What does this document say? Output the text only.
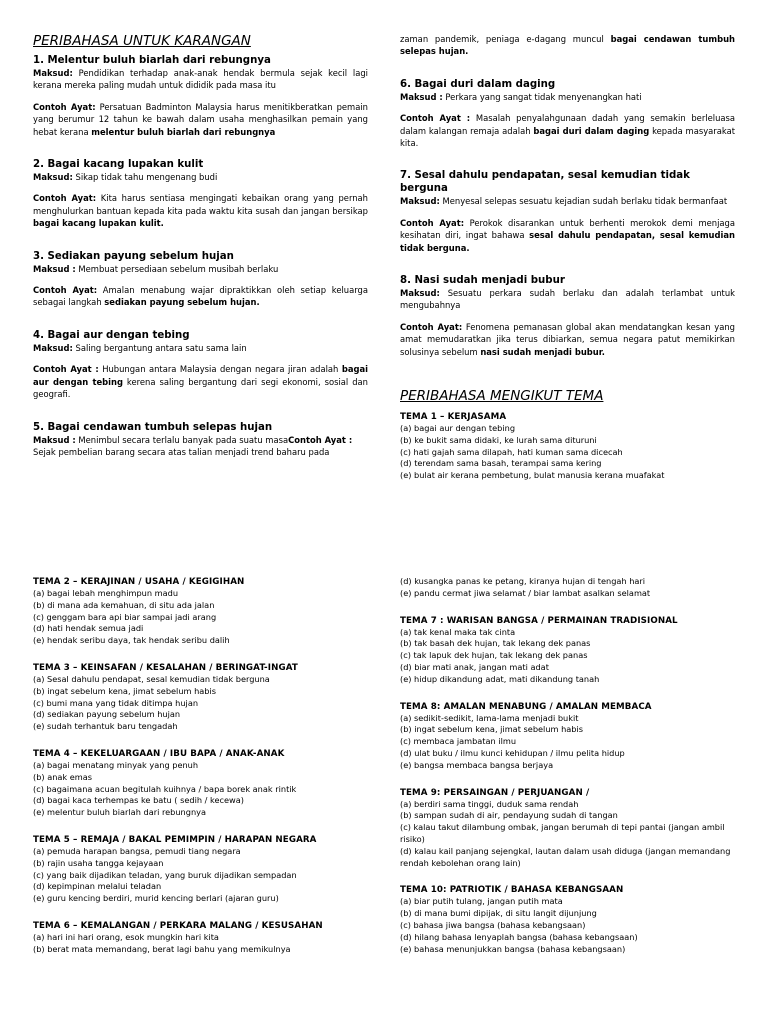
PERIBAHASA UNTUK KARANGAN
1. Melentur buluh biarlah dari rebungnya
Maksud: Pendidikan terhadap anak-anak hendak bermula sejak kecil lagi kerana mereka paling mudah untuk dididik pada masa itu
Contoh Ayat: Persatuan Badminton Malaysia harus menitikberatkan pemain yang berumur 12 tahun ke bawah dalam usaha menghasilkan pemain yang hebat kerana melentur buluh biarlah dari rebungnya
2. Bagai kacang lupakan kulit
Maksud: Sikap tidak tahu mengenang budi
Contoh Ayat: Kita harus sentiasa mengingati kebaikan orang yang pernah menghulurkan bantuan kepada kita pada waktu kita susah dan jangan bersikap bagai kacang lupakan kulit.
3. Sediakan payung sebelum hujan
Maksud : Membuat persediaan sebelum musibah berlaku
Contoh Ayat: Amalan menabung wajar dipraktikkan oleh setiap keluarga sebagai langkah sediakan payung sebelum hujan.
4. Bagai aur dengan tebing
Maksud: Saling bergantung antara satu sama lain
Contoh Ayat : Hubungan antara Malaysia dengan negara jiran adalah bagai aur dengan tebing kerena saling bergantung dari segi ekonomi, sosial dan geografi.
5. Bagai cendawan tumbuh selepas hujan
Maksud : Menimbul secara terlalu banyak pada suatu masaContoh Ayat :
Sejak pembelian barang secara atas talian menjadi trend baharu pada
zaman pandemik, peniaga e-dagang muncul bagai cendawan tumbuh selepas hujan.
6. Bagai duri dalam daging
Maksud : Perkara yang sangat tidak menyenangkan hati
Contoh Ayat : Masalah penyalahgunaan dadah yang semakin berleluasa dalam kalangan remaja adalah bagai duri dalam daging kepada masyarakat kita.
7. Sesal dahulu pendapatan, sesal kemudian tidak berguna
Maksud: Menyesal selepas sesuatu kejadian sudah berlaku tidak bermanfaat
Contoh Ayat: Perokok disarankan untuk berhenti merokok demi menjaga kesihatan diri, ingat bahawa sesal dahulu pendapatan, sesal kemudian tidak berguna.
8. Nasi sudah menjadi bubur
Maksud: Sesuatu perkara sudah berlaku dan adalah terlambat untuk mengubahnya
Contoh Ayat: Fenomena pemanasan global akan mendatangkan kesan yang amat memudaratkan jika terus dibiarkan, semua negara patut memikirkan solusinya sebelum nasi sudah menjadi bubur.
PERIBAHASA MENGIKUT TEMA
TEMA 1 – KERJASAMA
(a) bagai aur dengan tebing
(b) ke bukit sama didaki, ke lurah sama dituruni
(c) hati gajah sama dilapah, hati kuman sama dicecah
(d) terendam sama basah, terampai sama kering
(e) bulat air kerana pembetung, bulat manusia kerana muafakat
TEMA 2 – KERAJINAN / USAHA / KEGIGIHAN
(a) bagai lebah menghimpun madu
(b) di mana ada kemahuan, di situ ada jalan
(c) genggam bara api biar sampai jadi arang
(d) hati hendak semua jadi
(e) hendak seribu daya, tak hendak seribu dalih
TEMA 3 – KEINSAFAN / KESALAHAN / BERINGAT-INGAT
(a) Sesal dahulu pendapat, sesal kemudian tidak berguna
(b) ingat sebelum kena, jimat sebelum habis
(c) bumi mana yang tidak ditimpa hujan
(d) sediakan payung sebelum hujan
(e) sudah terhantuk baru tengadah
TEMA 4 – KEKELUARGAAN / IBU BAPA / ANAK-ANAK
(a) bagai menatang minyak yang penuh
(b) anak emas
(c) bagaimana acuan begitulah kuihnya / bapa borek anak rintik
(d) bagai kaca terhempas ke batu ( sedih / kecewa)
(e) melentur buluh biarlah dari rebungnya
TEMA 5 – REMAJA / BAKAL PEMIMPIN / HARAPAN NEGARA
(a) pemuda harapan bangsa, pemudi tiang negara
(b) rajin usaha tangga kejayaan
(c) yang baik dijadikan teladan, yang buruk dijadikan sempadan
(d) kepimpinan melalui teladan
(e) guru kencing berdiri, murid kencing berlari (ajaran guru)
TEMA 6 – KEMALANGAN / PERKARA MALANG / KESUSAHAN
(a) hari ini hari orang, esok mungkin hari kita
(b) berat mata memandang, berat lagi bahu yang memikulnya
(d) kusangka panas ke petang, kiranya hujan di tengah hari
(e) pandu cermat jiwa selamat / biar lambat asalkan selamat
TEMA 7 : WARISAN BANGSA / PERMAINAN TRADISIONAL
(a) tak kenal maka tak cinta
(b) tak basah dek hujan, tak lekang dek panas
(c) tak lapuk dek hujan, tak lekang dek panas
(d) biar mati anak, jangan mati adat
(e) hidup dikandung adat, mati dikandung tanah
TEMA 8: AMALAN MENABUNG / AMALAN MEMBACA
(a) sedikit-sedikit, lama-lama menjadi bukit
(b) ingat sebelum kena, jimat sebelum habis
(c) membaca jambatan ilmu
(d) ulat buku / ilmu kunci kehidupan / ilmu pelita hidup
(e) bangsa membaca bangsa berjaya
TEMA 9: PERSAINGAN / PERJUANGAN /
(a) berdiri sama tinggi, duduk sama rendah
(b) sampan sudah di air, pendayung sudah di tangan
(c) kalau takut dilambung ombak, jangan berumah di tepi pantai (jangan ambil risiko)
(d) kalau kail panjang sejengkal, lautan dalam usah diduga (jangan memandang rendah kebolehan orang lain)
TEMA 10: PATRIOTIK / BAHASA KEBANGSAAN
(a) biar putih tulang, jangan putih mata
(b) di mana bumi dipijak, di situ langit dijunjung
(c) bahasa jiwa bangsa (bahasa kebangsaan)
(d) hilang bahasa lenyaplah bangsa (bahasa kebangsaan)
(e) bahasa menunjukkan bangsa (bahasa kebangsaan)
